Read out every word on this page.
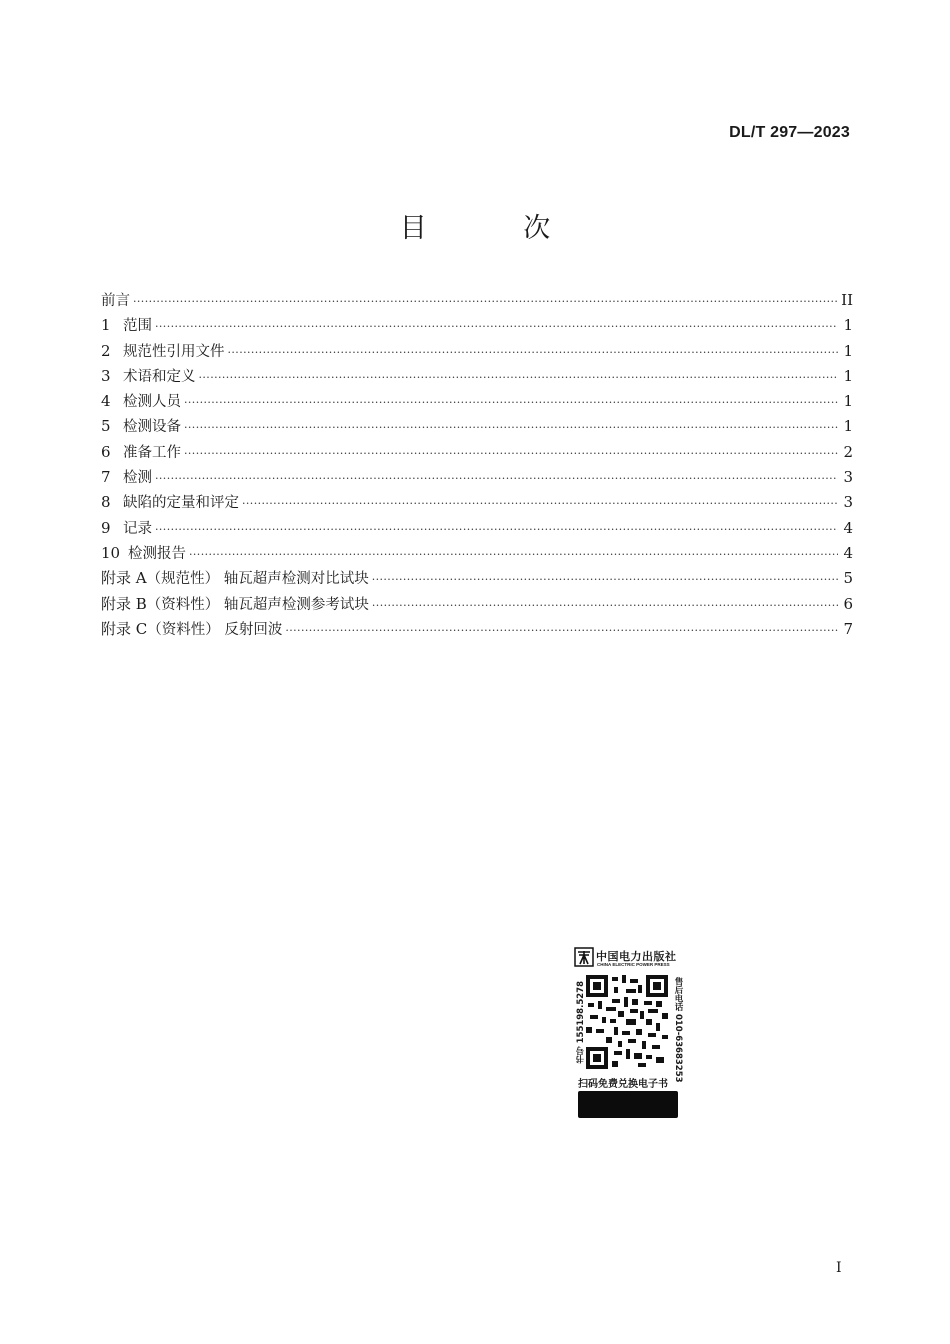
DL/T 297—2023
目 次
前言 ·····	II
1 范围 ·····	1
2 规范性引用文件 ·····	1
3 术语和定义 ·····	1
4 检测人员 ·····	1
5 检测设备 ·····	1
6 准备工作 ·····	2
7 检测 ·····	3
8 缺陷的定量和评定 ·····	3
9 记录 ·····	4
10 检测报告 ·····	4
附录 A （规范性） 轴瓦超声检测对比试块 ·····	5
附录 B （资料性） 轴瓦超声检测参考试块 ·····	6
附录 C （资料性） 反射回波 ·····	7
中国电力出版社
CHINA ELECTRIC POWER PRESS
书号 155198.5278	售后电话 010-63683253
扫码免费兑换电子书
I
